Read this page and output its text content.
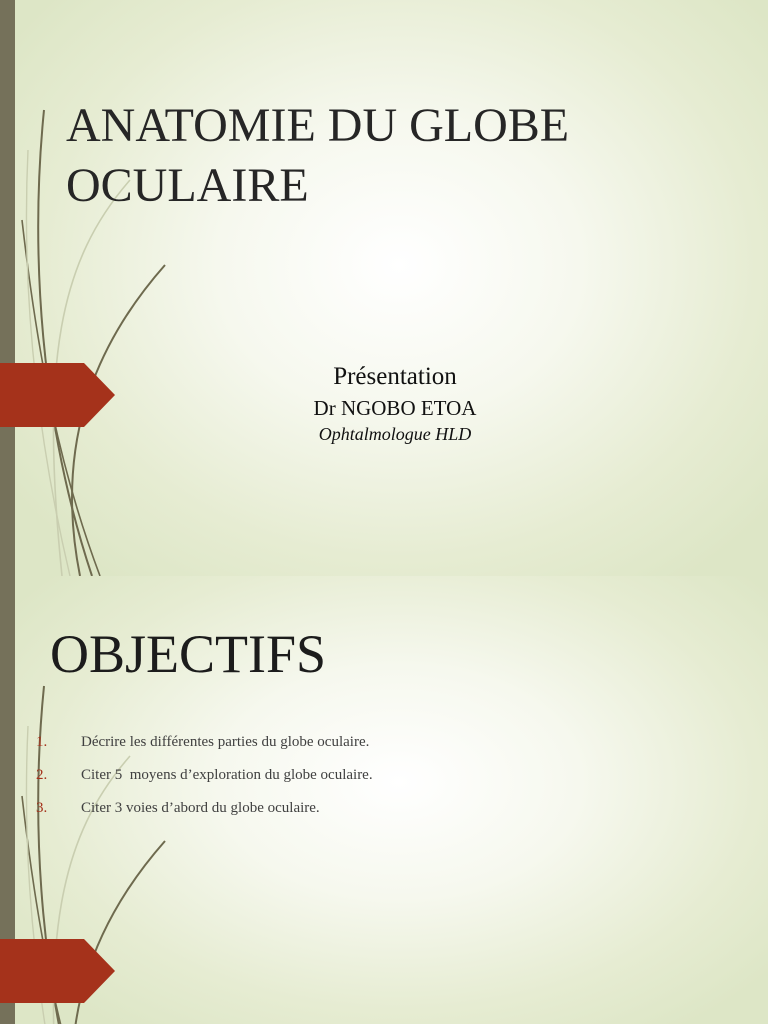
ANATOMIE DU GLOBE
OCULAIRE
Présentation
Dr NGOBO ETOA
Ophtalmologue HLD
OBJECTIFS
1. Décrire les différentes parties du globe oculaire.
2. Citer 5  moyens d’exploration du globe oculaire.
3. Citer 3 voies d’abord du globe oculaire.
